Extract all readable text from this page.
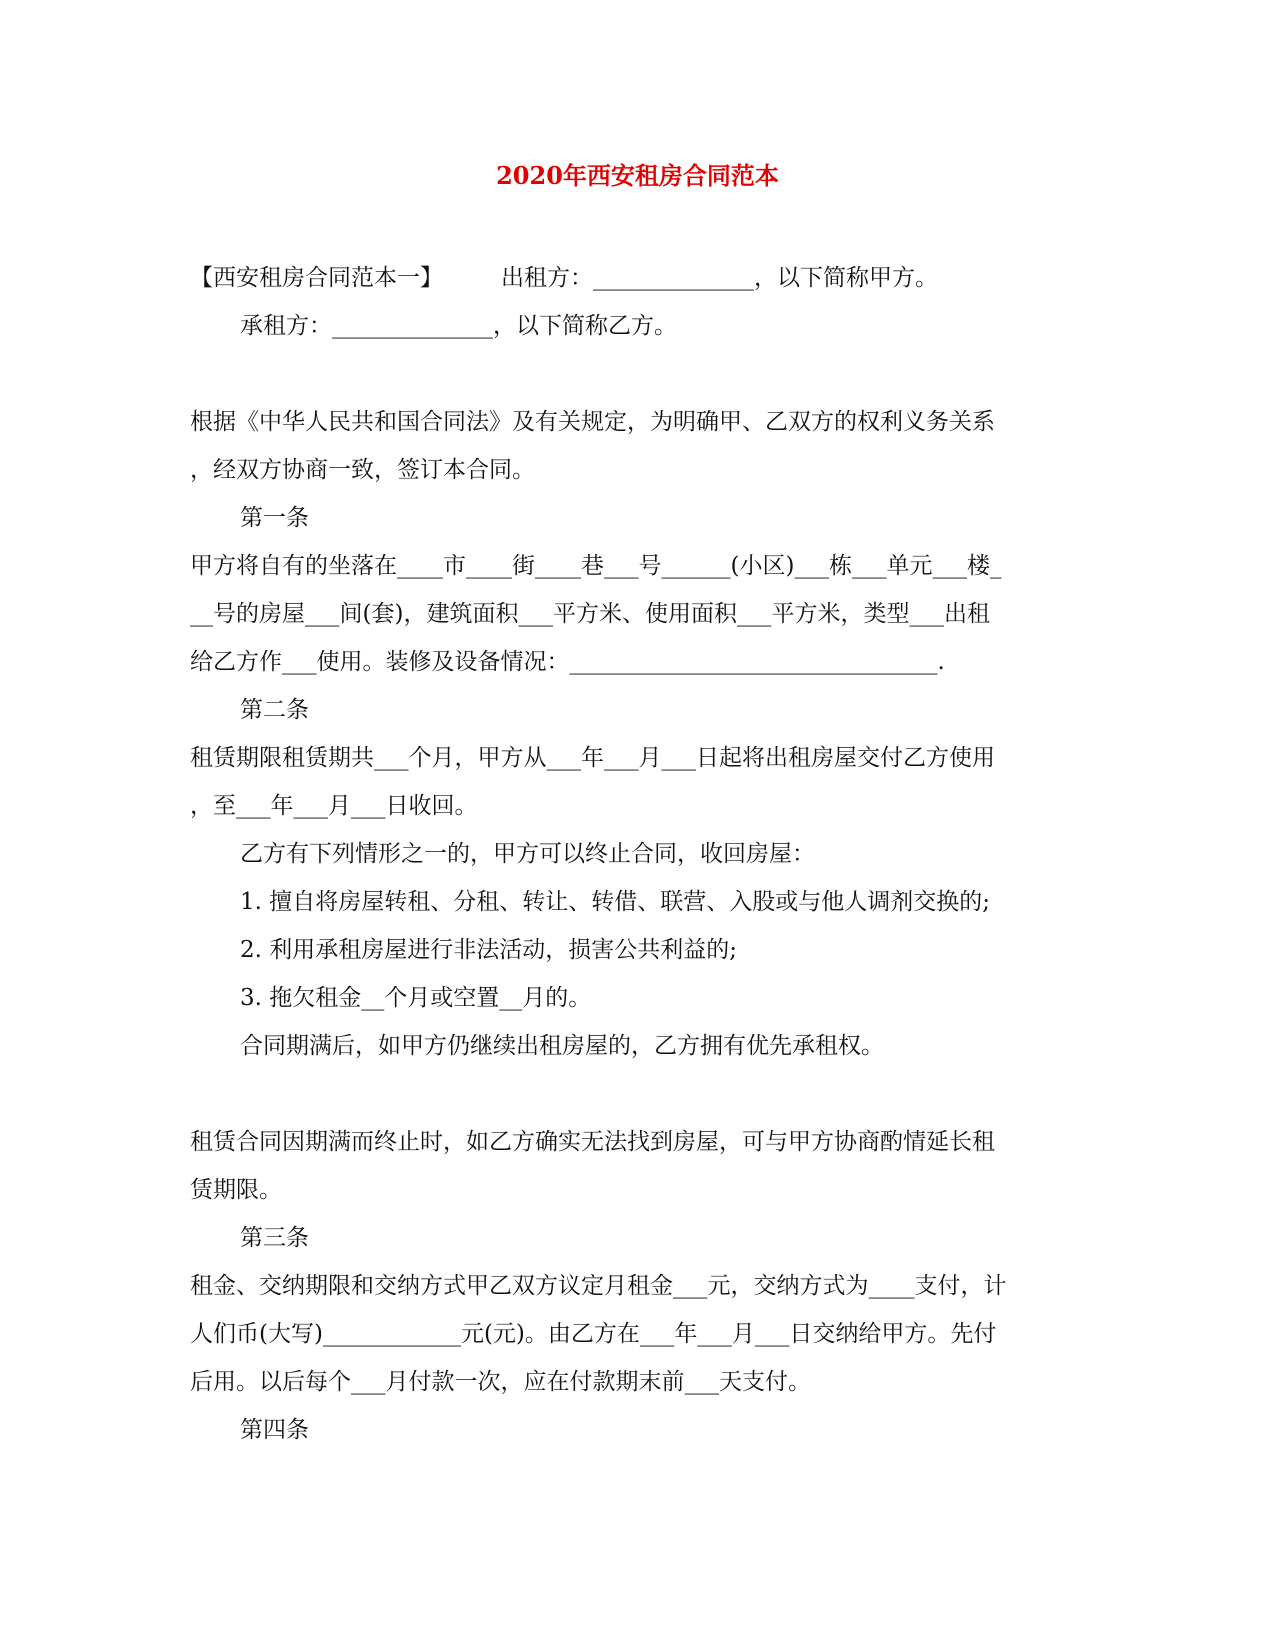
2020年西安租房合同范本
【西安租房合同范本一】	出租方：______________，以下简称甲方。
承租方：______________，以下简称乙方。
根据《中华人民共和国合同法》及有关规定，为明确甲、乙双方的权利义务关系
，经双方协商一致，签订本合同。
第一条
甲方将自有的坐落在____市____街____巷___号______(小区)___栋___单元___楼_
__号的房屋___间(套)，建筑面积___平方米、使用面积___平方米，类型___出租
给乙方作___使用。装修及设备情况：________________________________.
第二条
租赁期限租赁期共___个月，甲方从___年___月___日起将出租房屋交付乙方使用
，至___年___月___日收回。
乙方有下列情形之一的，甲方可以终止合同，收回房屋：
1. 擅自将房屋转租、分租、转让、转借、联营、入股或与他人调剂交换的;
2. 利用承租房屋进行非法活动，损害公共利益的;
3. 拖欠租金__个月或空置__月的。
合同期满后，如甲方仍继续出租房屋的，乙方拥有优先承租权。
租赁合同因期满而终止时，如乙方确实无法找到房屋，可与甲方协商酌情延长租
赁期限。
第三条
租金、交纳期限和交纳方式甲乙双方议定月租金___元，交纳方式为____支付，计
人们币(大写)____________元(元)。由乙方在___年___月___日交纳给甲方。先付
后用。以后每个___月付款一次，应在付款期末前___天支付。
第四条
